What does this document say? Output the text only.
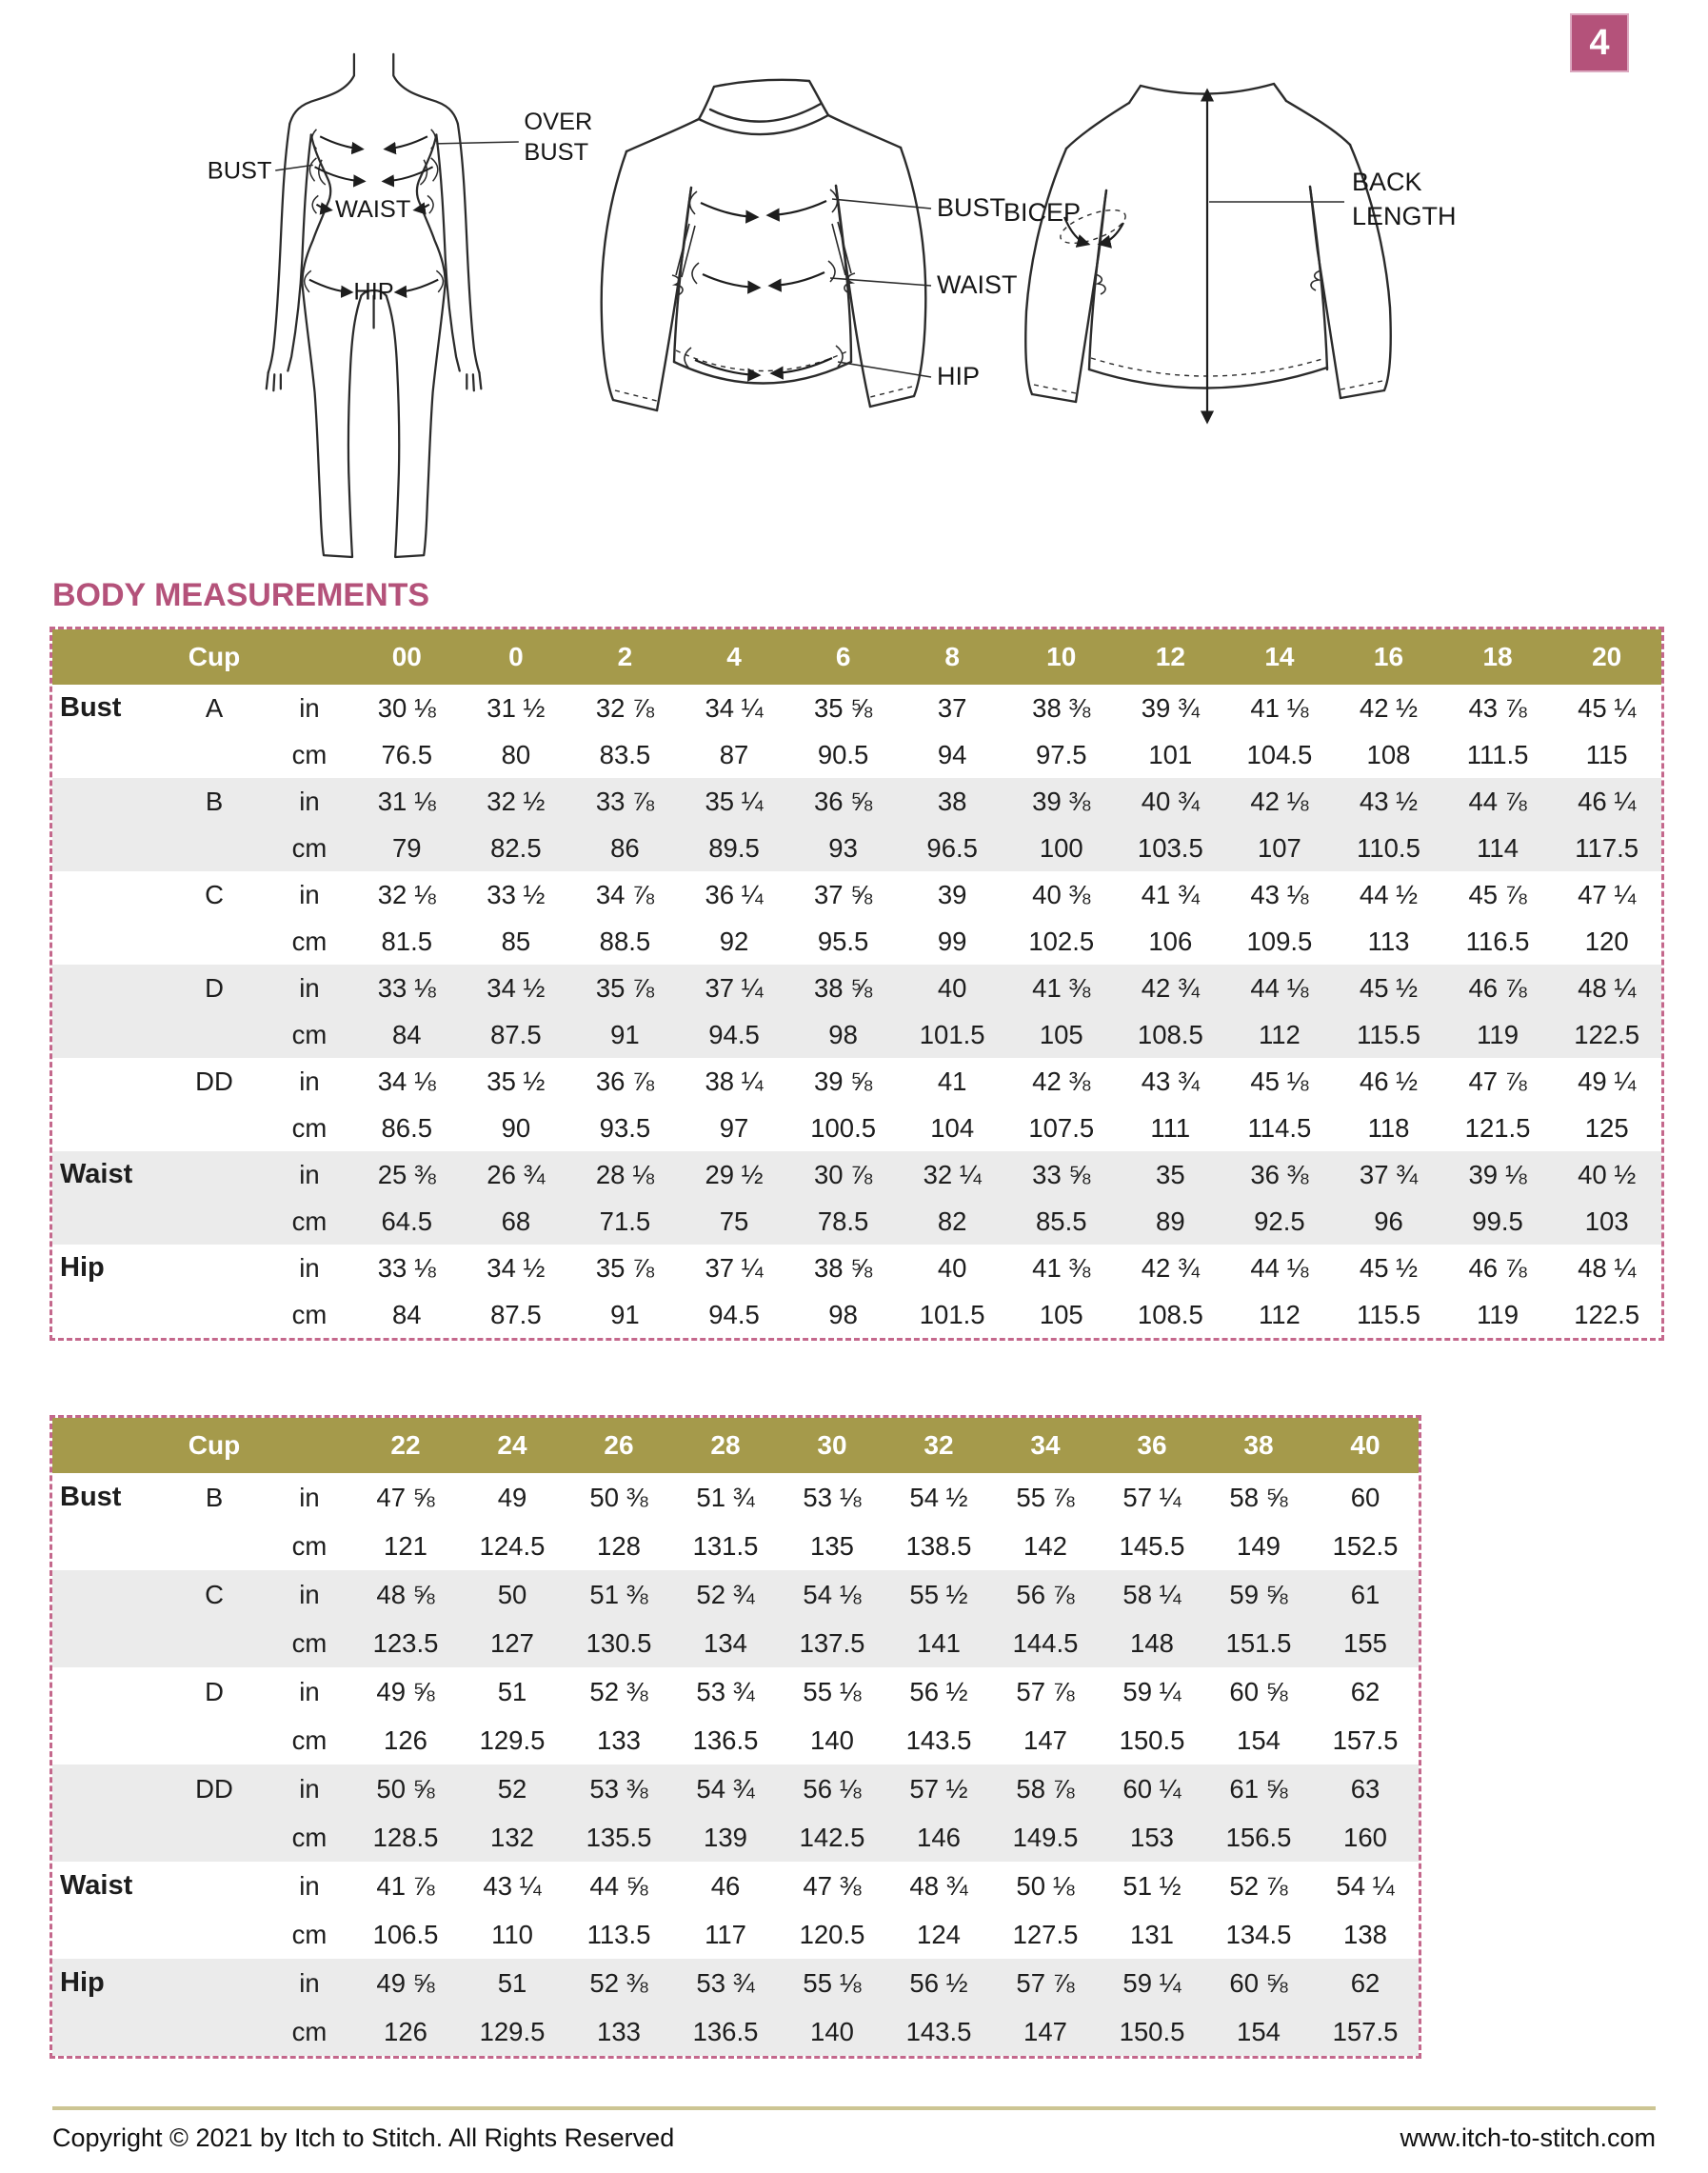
4
BUST
OVER
BUST
WAIST
HIP
BUST
WAIST
HIP
BICEP
BACK
LENGTH
BODY MEASUREMENTS
	Cup		00	0	2	4	6	8	10	12	14	16	18	20
Bust	A	in	30 ⅛	31 ½	32 ⅞	34 ¼	35 ⅝	37	38 ⅜	39 ¾	41 ⅛	42 ½	43 ⅞	45 ¼
		cm	76.5	80	83.5	87	90.5	94	97.5	101	104.5	108	111.5	115
	B	in	31 ⅛	32 ½	33 ⅞	35 ¼	36 ⅝	38	39 ⅜	40 ¾	42 ⅛	43 ½	44 ⅞	46 ¼
		cm	79	82.5	86	89.5	93	96.5	100	103.5	107	110.5	114	117.5
	C	in	32 ⅛	33 ½	34 ⅞	36 ¼	37 ⅝	39	40 ⅜	41 ¾	43 ⅛	44 ½	45 ⅞	47 ¼
		cm	81.5	85	88.5	92	95.5	99	102.5	106	109.5	113	116.5	120
	D	in	33 ⅛	34 ½	35 ⅞	37 ¼	38 ⅝	40	41 ⅜	42 ¾	44 ⅛	45 ½	46 ⅞	48 ¼
		cm	84	87.5	91	94.5	98	101.5	105	108.5	112	115.5	119	122.5
	DD	in	34 ⅛	35 ½	36 ⅞	38 ¼	39 ⅝	41	42 ⅜	43 ¾	45 ⅛	46 ½	47 ⅞	49 ¼
		cm	86.5	90	93.5	97	100.5	104	107.5	111	114.5	118	121.5	125
Waist		in	25 ⅜	26 ¾	28 ⅛	29 ½	30 ⅞	32 ¼	33 ⅝	35	36 ⅜	37 ¾	39 ⅛	40 ½
		cm	64.5	68	71.5	75	78.5	82	85.5	89	92.5	96	99.5	103
Hip		in	33 ⅛	34 ½	35 ⅞	37 ¼	38 ⅝	40	41 ⅜	42 ¾	44 ⅛	45 ½	46 ⅞	48 ¼
		cm	84	87.5	91	94.5	98	101.5	105	108.5	112	115.5	119	122.5
	Cup		22	24	26	28	30	32	34	36	38	40
Bust	B	in	47 ⅝	49	50 ⅜	51 ¾	53 ⅛	54 ½	55 ⅞	57 ¼	58 ⅝	60
		cm	121	124.5	128	131.5	135	138.5	142	145.5	149	152.5
	C	in	48 ⅝	50	51 ⅜	52 ¾	54 ⅛	55 ½	56 ⅞	58 ¼	59 ⅝	61
		cm	123.5	127	130.5	134	137.5	141	144.5	148	151.5	155
	D	in	49 ⅝	51	52 ⅜	53 ¾	55 ⅛	56 ½	57 ⅞	59 ¼	60 ⅝	62
		cm	126	129.5	133	136.5	140	143.5	147	150.5	154	157.5
	DD	in	50 ⅝	52	53 ⅜	54 ¾	56 ⅛	57 ½	58 ⅞	60 ¼	61 ⅝	63
		cm	128.5	132	135.5	139	142.5	146	149.5	153	156.5	160
Waist		in	41 ⅞	43 ¼	44 ⅝	46	47 ⅜	48 ¾	50 ⅛	51 ½	52 ⅞	54 ¼
		cm	106.5	110	113.5	117	120.5	124	127.5	131	134.5	138
Hip		in	49 ⅝	51	52 ⅜	53 ¾	55 ⅛	56 ½	57 ⅞	59 ¼	60 ⅝	62
		cm	126	129.5	133	136.5	140	143.5	147	150.5	154	157.5
Copyright © 2021 by Itch to Stitch. All Rights Reserved	www.itch-to-stitch.com
